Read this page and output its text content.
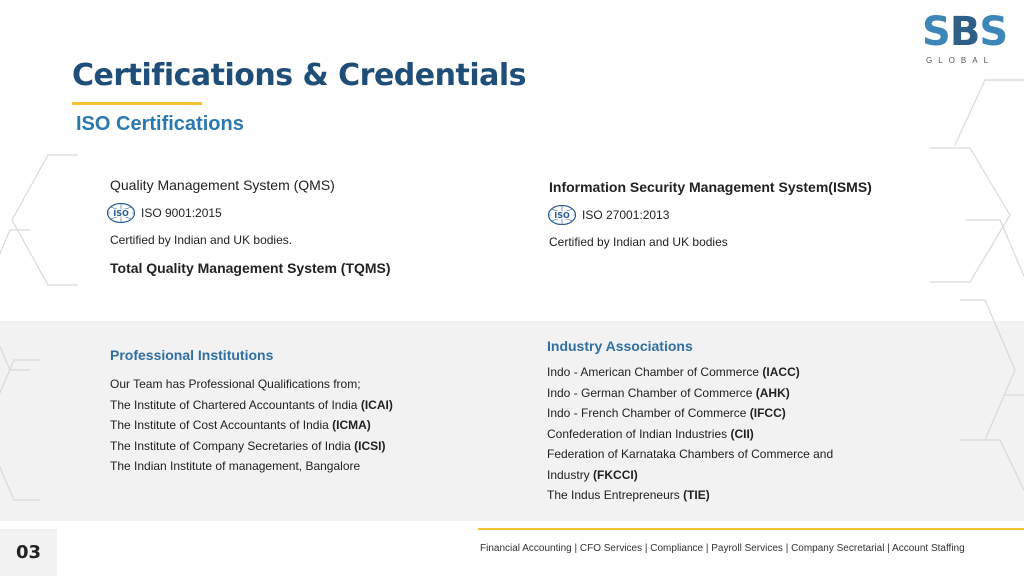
S B S
GLOBAL
Certifications & Credentials
ISO Certifications
Quality Management System (QMS)
ISO ISO 9001:2015
Certified by Indian and UK bodies.
Total Quality Management System (TQMS)
Information Security Management System(ISMS)
ISO ISO 27001:2013
Certified by Indian and UK bodies
Professional Institutions
Our Team has Professional Qualifications from;
The Institute of Chartered Accountants of India (ICAI)
The Institute of Cost Accountants of India (ICMA)
The Institute of Company Secretaries of India (ICSI)
The Indian Institute of management, Bangalore
Industry Associations
Indo - American Chamber of Commerce (IACC)
Indo - German Chamber of Commerce (AHK)
Indo - French Chamber of Commerce (IFCC)
Confederation of Indian Industries (CII)
Federation of Karnataka Chambers of Commerce and
Industry (FKCCI)
The Indus Entrepreneurs (TIE)
03	Financial Accounting | CFO Services | Compliance | Payroll Services | Company Secretarial | Account Staffing
